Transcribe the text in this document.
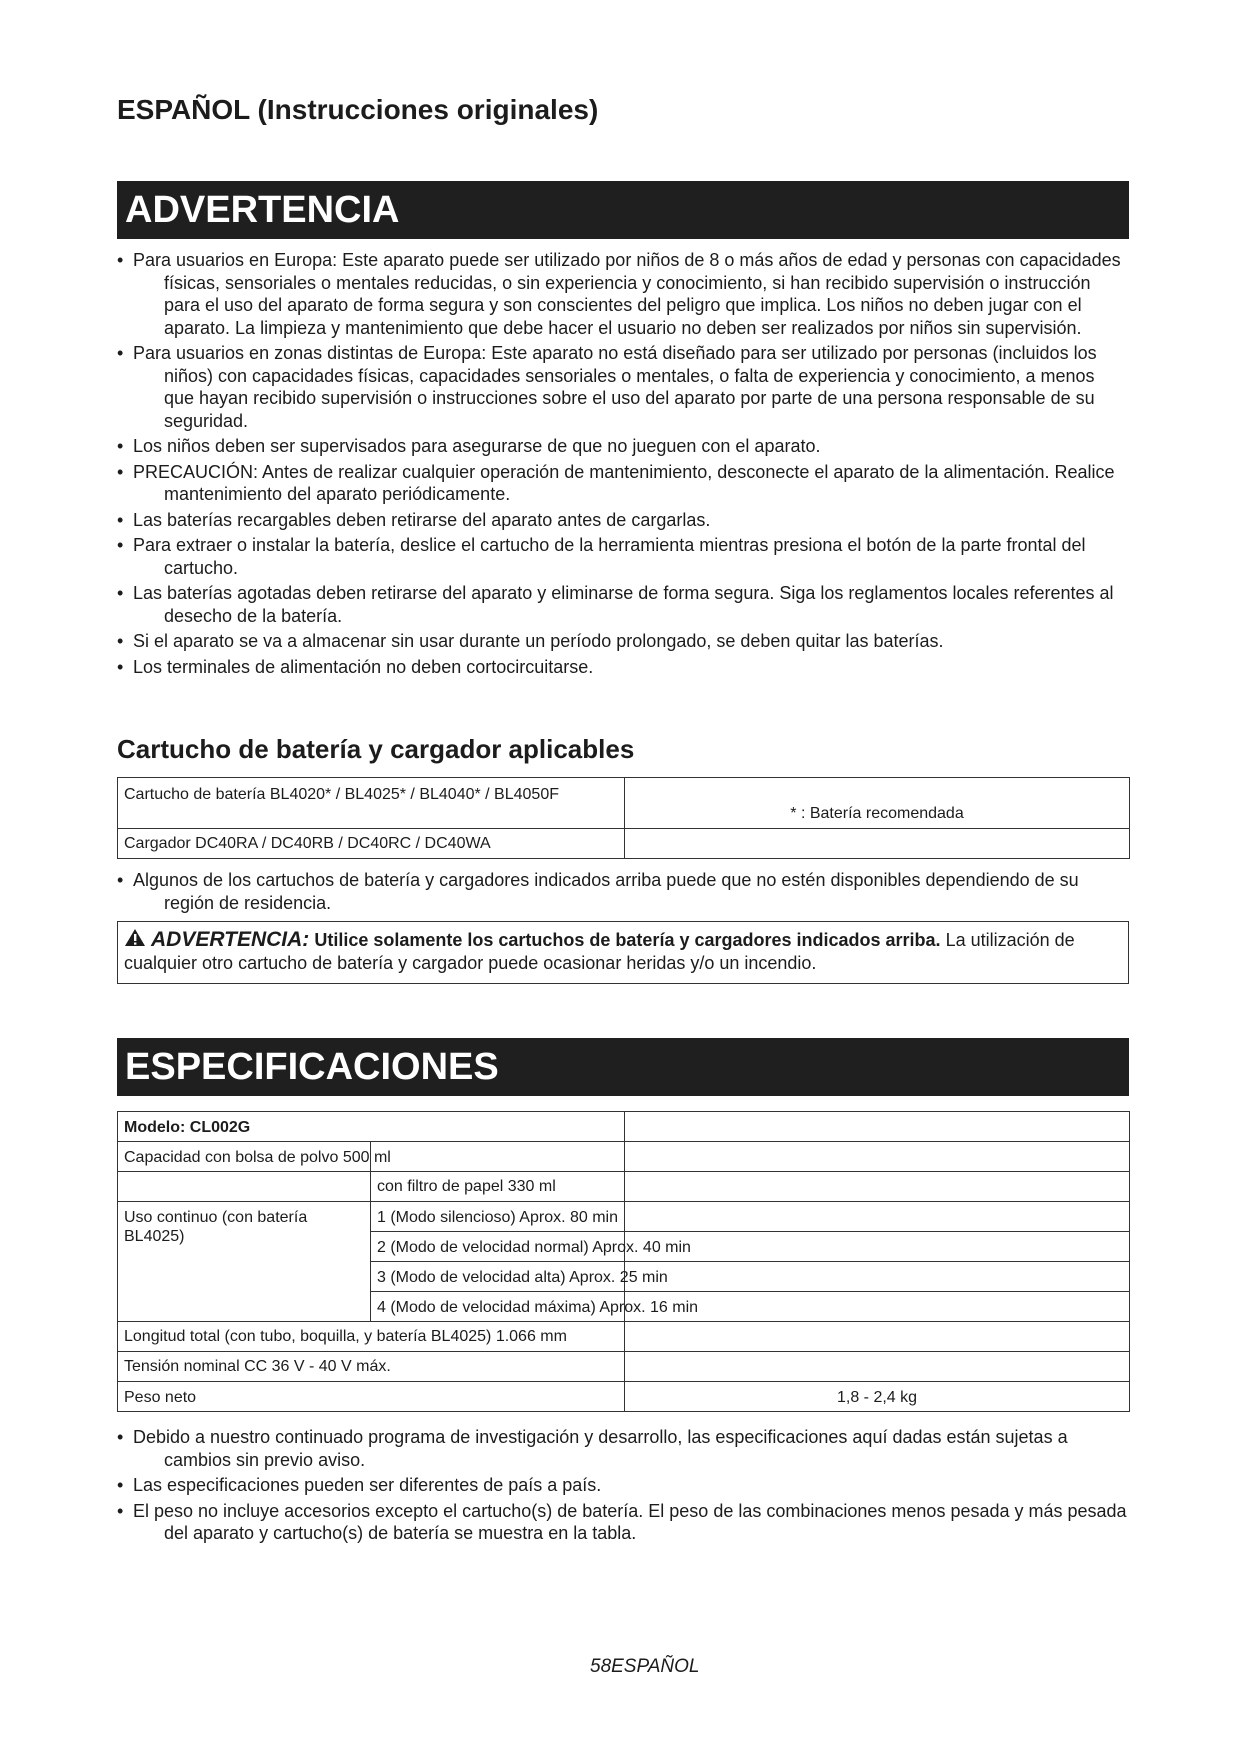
ESPAÑOL (Instrucciones originales)
ADVERTENCIA
• Para usuarios en Europa: Este aparato puede ser utilizado por niños de 8 o más años de edad y personas con capacidades físicas, sensoriales o mentales reducidas, o sin experiencia y conocimiento, si han recibido supervisión o instrucción para el uso del aparato de forma segura y son conscientes del peligro que implica. Los niños no deben jugar con el aparato. La limpieza y mantenimiento que debe hacer el usuario no deben ser realizados por niños sin supervisión.
• Para usuarios en zonas distintas de Europa: Este aparato no está diseñado para ser utilizado por personas (incluidos los niños) con capacidades físicas, capacidades sensoriales o mentales, o falta de experiencia y conocimiento, a menos que hayan recibido supervisión o instrucciones sobre el uso del aparato por parte de una persona responsable de su seguridad.
• Los niños deben ser supervisados para asegurarse de que no jueguen con el aparato.
• PRECAUCIÓN: Antes de realizar cualquier operación de mantenimiento, desconecte el aparato de la alimentación. Realice mantenimiento del aparato periódicamente.
• Las baterías recargables deben retirarse del aparato antes de cargarlas.
• Para extraer o instalar la batería, deslice el cartucho de la herramienta mientras presiona el botón de la parte frontal del cartucho.
• Las baterías agotadas deben retirarse del aparato y eliminarse de forma segura. Siga los reglamentos locales referentes al desecho de la batería.
• Si el aparato se va a almacenar sin usar durante un período prolongado, se deben quitar las baterías.
• Los terminales de alimentación no deben cortocircuitarse.
Cartucho de batería y cargador aplicables
Cartucho de batería BL4020* / BL4025* / BL4040* / BL4050F	* : Batería recomendada
Cargador DC40RA / DC40RB / DC40RC / DC40WA	
• Algunos de los cartuchos de batería y cargadores indicados arriba puede que no estén disponibles dependiendo de su región de residencia.
ADVERTENCIA: Utilice solamente los cartuchos de batería y cargadores indicados arriba. La utilización de cualquier otro cartucho de batería y cargador puede ocasionar heridas y/o un incendio.
ESPECIFICACIONES
Modelo: CL002G		
Capacidad con bolsa de polvo 500 ml		
	con filtro de papel 330 ml	
Uso continuo (con batería BL4025)	1 (Modo silencioso) Aprox. 80 min	
	2 (Modo de velocidad normal) Aprox. 40 min	
	3 (Modo de velocidad alta) Aprox. 25 min	
	4 (Modo de velocidad máxima) Aprox. 16 min	
Longitud total (con tubo, boquilla, y batería BL4025) 1.066 mm		
Tensión nominal CC 36 V - 40 V máx.		
Peso neto		1,8 - 2,4 kg
• Debido a nuestro continuado programa de investigación y desarrollo, las especificaciones aquí dadas están sujetas a cambios sin previo aviso.
• Las especificaciones pueden ser diferentes de país a país.
• El peso no incluye accesorios excepto el cartucho(s) de batería. El peso de las combinaciones menos pesada y más pesada del aparato y cartucho(s) de batería se muestra en la tabla.
58ESPAÑOL
